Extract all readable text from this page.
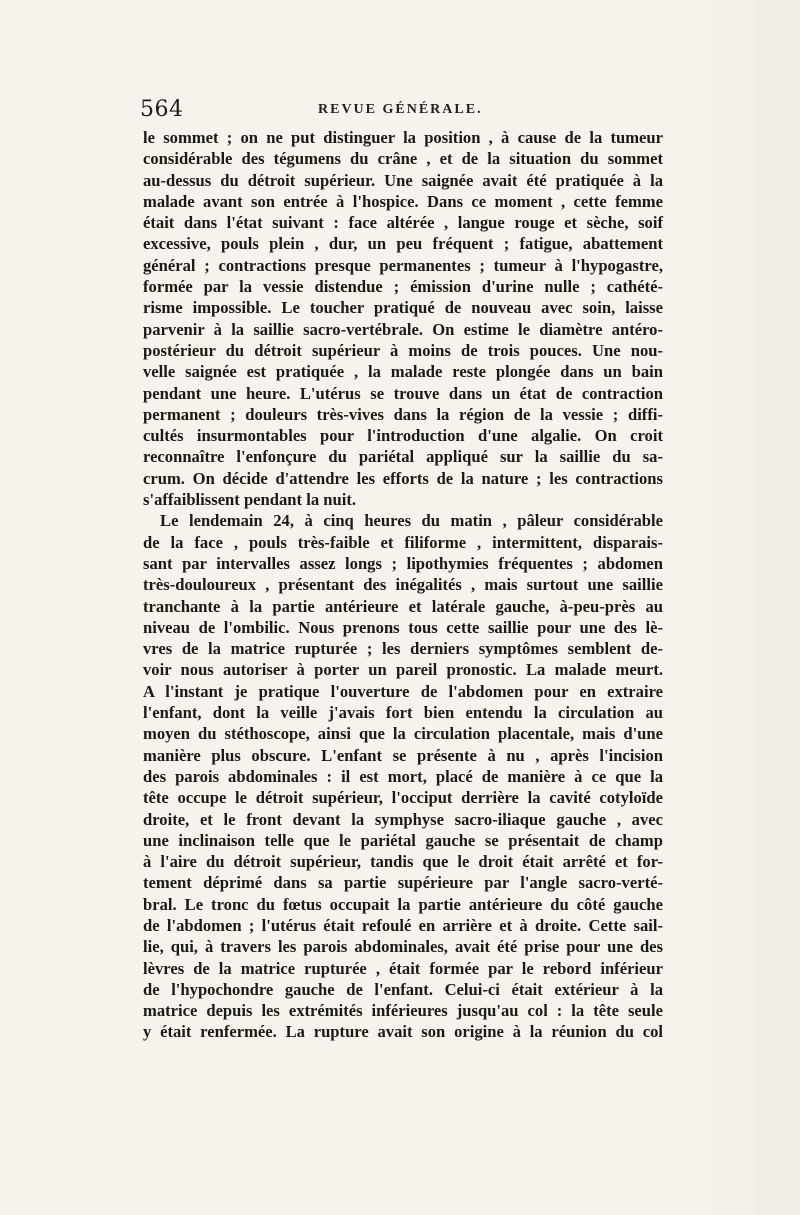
564	REVUE GÉNÉRALE.
le sommet ; on ne put distinguer la position , à cause de la tumeur
considérable des tégumens du crâne , et de la situation du sommet
au-dessus du détroit supérieur. Une saignée avait été pratiquée à la
malade avant son entrée à l'hospice. Dans ce moment , cette femme
était dans l'état suivant : face altérée , langue rouge et sèche, soif
excessive, pouls plein , dur, un peu fréquent ; fatigue, abattement
général ; contractions presque permanentes ; tumeur à l'hypogastre,
formée par la vessie distendue ; émission d'urine nulle ; cathété-
risme impossible. Le toucher pratiqué de nouveau avec soin, laisse
parvenir à la saillie sacro-vertébrale. On estime le diamètre antéro-
postérieur du détroit supérieur à moins de trois pouces. Une nou-
velle saignée est pratiquée , la malade reste plongée dans un bain
pendant une heure. L'utérus se trouve dans un état de contraction
permanent ; douleurs très-vives dans la région de la vessie ; diffi-
cultés insurmontables pour l'introduction d'une algalie. On croit
reconnaître l'enfonçure du pariétal appliqué sur la saillie du sa-
crum. On décide d'attendre les efforts de la nature ; les contractions
s'affaiblissent pendant la nuit.
Le lendemain 24, à cinq heures du matin , pâleur considérable
de la face , pouls très-faible et filiforme , intermittent, disparais-
sant par intervalles assez longs ; lipothymies fréquentes ; abdomen
très-douloureux , présentant des inégalités , mais surtout une saillie
tranchante à la partie antérieure et latérale gauche, à-peu-près au
niveau de l'ombilic. Nous prenons tous cette saillie pour une des lè-
vres de la matrice rupturée ; les derniers symptômes semblent de-
voir nous autoriser à porter un pareil pronostic. La malade meurt.
A l'instant je pratique l'ouverture de l'abdomen pour en extraire
l'enfant, dont la veille j'avais fort bien entendu la circulation au
moyen du stéthoscope, ainsi que la circulation placentale, mais d'une
manière plus obscure. L'enfant se présente à nu , après l'incision
des parois abdominales : il est mort, placé de manière à ce que la
tête occupe le détroit supérieur, l'occiput derrière la cavité cotyloïde
droite, et le front devant la symphyse sacro-iliaque gauche , avec
une inclinaison telle que le pariétal gauche se présentait de champ
à l'aire du détroit supérieur, tandis que le droit était arrêté et for-
tement déprimé dans sa partie supérieure par l'angle sacro-verté-
bral. Le tronc du fœtus occupait la partie antérieure du côté gauche
de l'abdomen ; l'utérus était refoulé en arrière et à droite. Cette sail-
lie, qui, à travers les parois abdominales, avait été prise pour une des
lèvres de la matrice rupturée , était formée par le rebord inférieur
de l'hypochondre gauche de l'enfant. Celui-ci était extérieur à la
matrice depuis les extrémités inférieures jusqu'au col : la tête seule
y était renfermée. La rupture avait son origine à la réunion du col
